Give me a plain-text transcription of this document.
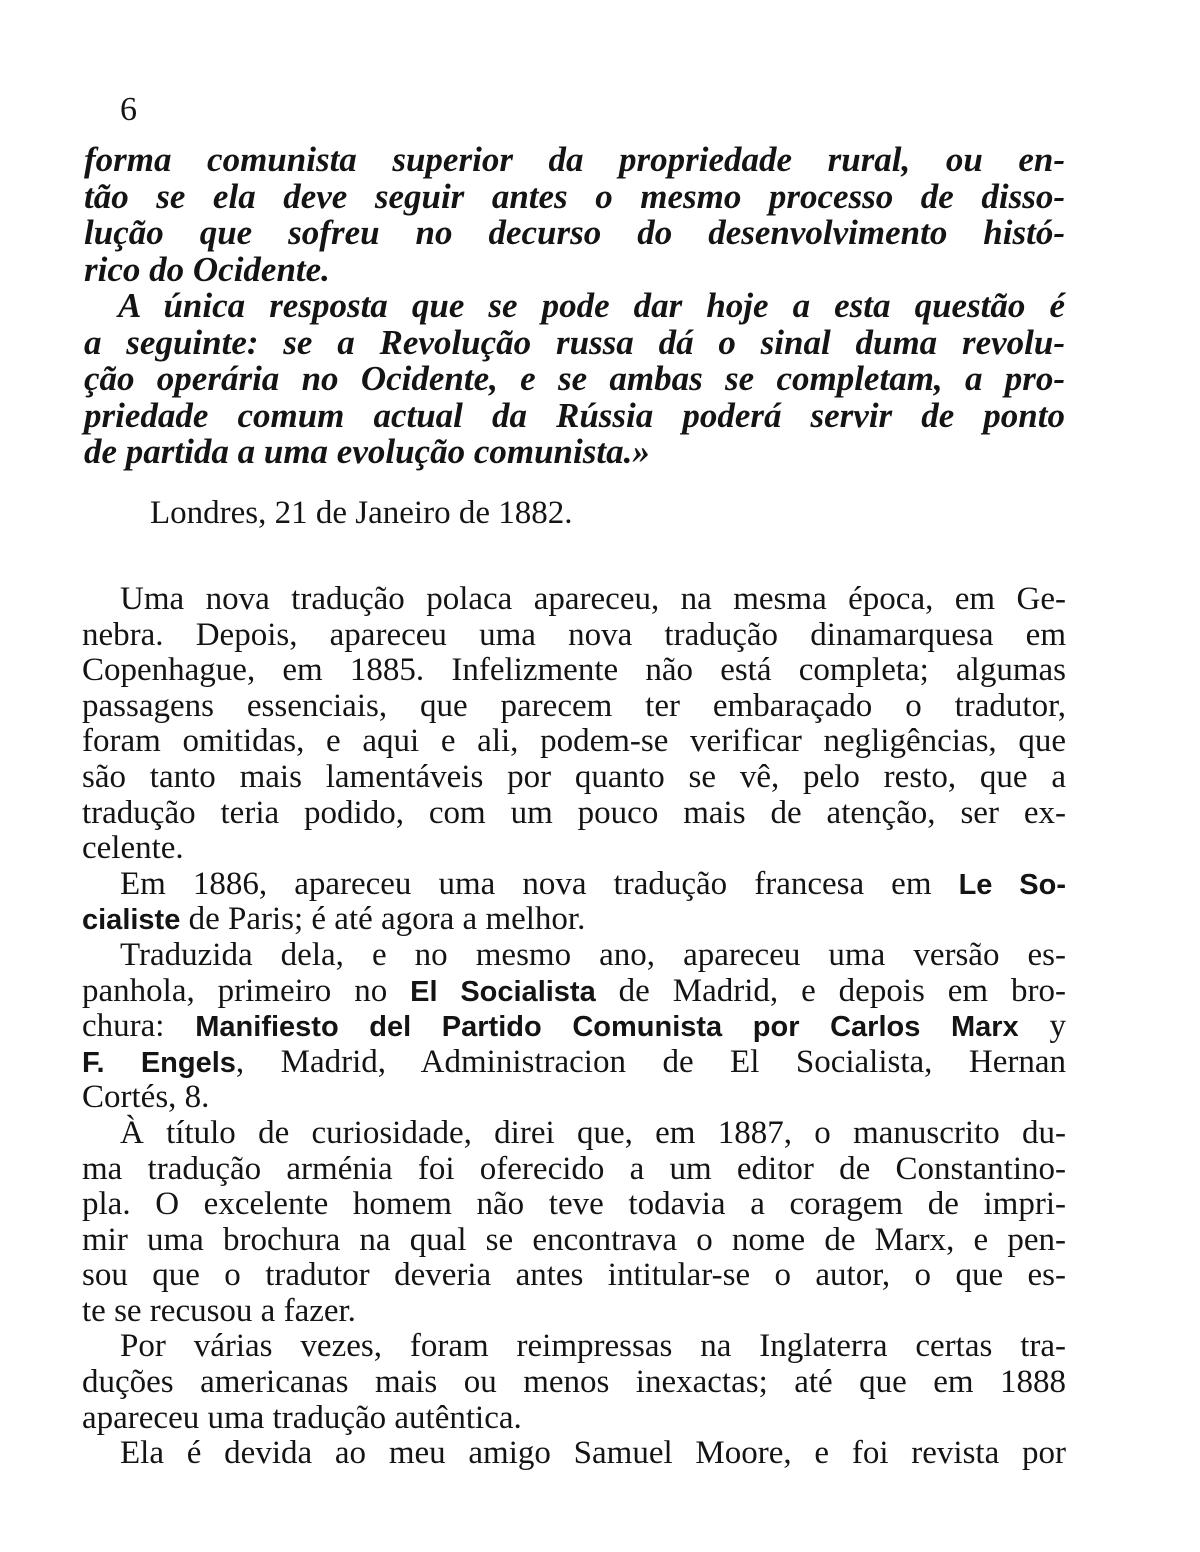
6
forma comunista superior da propriedade rural, ou en-
tão se ela deve seguir antes o mesmo processo de disso-
lução que sofreu no decurso do desenvolvimento histó-
rico do Ocidente.
A única resposta que se pode dar hoje a esta questão é
a seguinte: se a Revolução russa dá o sinal duma revolu-
ção operária no Ocidente, e se ambas se completam, a pro-
priedade comum actual da Rússia poderá servir de ponto
de partida a uma evolução comunista.»
Londres, 21 de Janeiro de 1882.
Uma nova tradução polaca apareceu, na mesma época, em Ge-
nebra. Depois, apareceu uma nova tradução dinamarquesa em
Copenhague, em 1885. Infelizmente não está completa; algumas
passagens essenciais, que parecem ter embaraçado o tradutor,
foram omitidas, e aqui e ali, podem-se verificar negligências, que
são tanto mais lamentáveis por quanto se vê, pelo resto, que a
tradução teria podido, com um pouco mais de atenção, ser ex-
celente.
Em 1886, apareceu uma nova tradução francesa em Le So-
cialiste de Paris; é até agora a melhor.
Traduzida dela, e no mesmo ano, apareceu uma versão es-
panhola, primeiro no El Socialista de Madrid, e depois em bro-
chura: Manifiesto del Partido Comunista por Carlos Marx y
F. Engels, Madrid, Administracion de El Socialista, Hernan
Cortés, 8.
À título de curiosidade, direi que, em 1887, o manuscrito du-
ma tradução arménia foi oferecido a um editor de Constantino-
pla. O excelente homem não teve todavia a coragem de impri-
mir uma brochura na qual se encontrava o nome de Marx, e pen-
sou que o tradutor deveria antes intitular-se o autor, o que es-
te se recusou a fazer.
Por várias vezes, foram reimpressas na Inglaterra certas tra-
duções americanas mais ou menos inexactas; até que em 1888
apareceu uma tradução autêntica.
Ela é devida ao meu amigo Samuel Moore, e foi revista por
